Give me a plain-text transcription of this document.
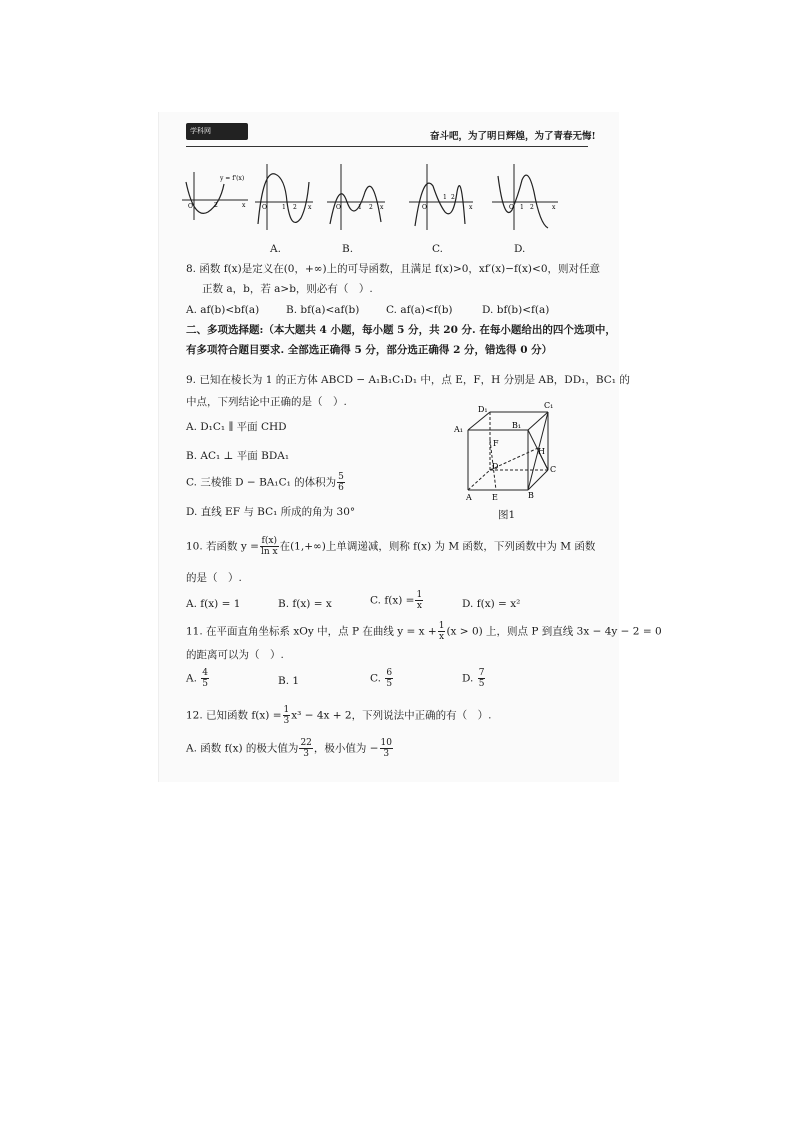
学科网	奋斗吧，为了明日辉煌，为了青春无悔!
y = f'(x)
O	2	x	O	1 2 x	O	1 2 x	O
1 2
x	O 1 2	x
A.	B.	C.	D.
8. 函数 f(x)是定义在(0，+∞)上的可导函数，且满足 f(x)>0，xf′(x)−f(x)<0，则对任意
正数 a，b，若 a>b，则必有（　）.
A. af(b)<bf(a)	B. bf(a)<af(b)	C. af(a)<f(b)	D. bf(b)<f(a)
二、多项选择题:（本大题共 4 小题，每小题 5 分，共 20 分. 在每小题给出的四个选项中，
有多项符合题目要求. 全部选正确得 5 分，部分选正确得 2 分，错选得 0 分）
9. 已知在棱长为 1 的正方体 ABCD − A₁B₁C₁D₁ 中，点 E，F，H 分别是 AB，DD₁，BC₁ 的
中点，下列结论中正确的是（　）.
A. D₁C₁ ∥ 平面 CHD
B. AC₁ ⊥ 平面 BDA₁
C. 三棱锥 D − BA₁C₁ 的体积为 $\frac{5}{6}$
D. 直线 EF 与 BC₁ 所成的角为 30°
A₁
D₁	C₁
B₁
F
H
D	C
A	E	B
图1
10. 若函数 $y = \frac{f(x)}{\text{ln x}}$ 在(1,+∞)上单调递减，则称 f(x) 为 M 函数，下列函数中为 M 函数
的是（　）.
A. f(x) = 1	B. f(x) = x	C. $f(x) = \frac{1}{x}$	D. f(x) = x²
11. 在平面直角坐标系 xOy 中，点 P 在曲线 $y = x + \frac{1}{x} (x > 0)$ 上，则点 P 到直线 3x − 4y − 2 = 0
的距离可以为（　）.
A. $\frac{4}{5}$	B. 1	C. $\frac{6}{5}$	D. $\frac{7}{5}$
12. 已知函数 $f(x) = \frac{1}{3} x^3 - 4x + 2$，下列说法中正确的有（　）.
A. 函数 f(x) 的极大值为 $\frac{22}{3}$ ，极小值为 − $\frac{10}{3}$
